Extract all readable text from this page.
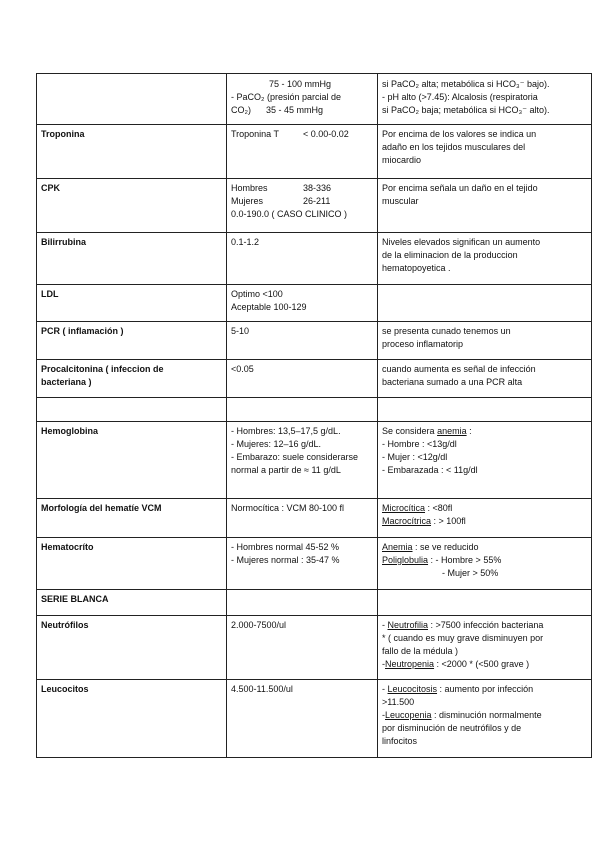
	75 - 100 mmHg
- PaCO₂ (presión parcial de
CO₂) 35 - 45 mmHg	si PaCO₂ alta; metabólica si HCO₃⁻ bajo).
- pH alto (>7.45): Alcalosis (respiratoria
si PaCO₂ baja; metabólica si HCO₃⁻ alto).

Troponina	Troponina T < 0.00-0.02	Por encima de los valores se indica un
adaño en los tejidos musculares del
miocardio

CPK	Hombres 38-336
Mujeres 26-211
0.0-190.0 ( CASO CLINICO )	Por encima señala un daño en el tejido
muscular

Bilirrubina	0.1-1.2	Niveles elevados significan un aumento
de la eliminacion de la produccion
hematopoyetica .

LDL	Optimo <100
Aceptable 100-129	

PCR ( inflamación )	5-10	se presenta cunado tenemos un
proceso inflamatorip

Procalcitonina ( infeccion de
bacteriana )	<0.05	cuando aumenta es señal de infección
bacteriana sumado a una PCR alta

Hemoglobina	- Hombres: 13,5–17,5 g/dL.
- Mujeres: 12–16 g/dL.
- Embarazo: suele considerarse
normal a partir de ≈ 11 g/dL	Se considera anemia :
- Hombre : <13g/dl
- Mujer : <12g/dl
- Embarazada : < 11g/dl

Morfología del hematíe VCM	Normocítica : VCM 80-100 fl	Microcítica : <80fl
Macrocítrica : > 100fl

Hematocríto	- Hombres normal 45-52 %
- Mujeres normal : 35-47 %	Anemia : se ve reducido
Poliglobulia : - Hombre > 55%
- Mujer > 50%

SERIE BLANCA		
Neutrófilos	2.000-7500/ul	- Neutrofilia : >7500 infección bacteriana
* ( cuando es muy grave disminuyen por
fallo de la médula )
-Neutropenia : <2000 * (<500 grave )

Leucocitos	4.500-11.500/ul	- Leucocitosis : aumento por infección
>11.500
-Leucopenia : disminución normalmente
por disminución de neutrófilos y de
linfocitos
